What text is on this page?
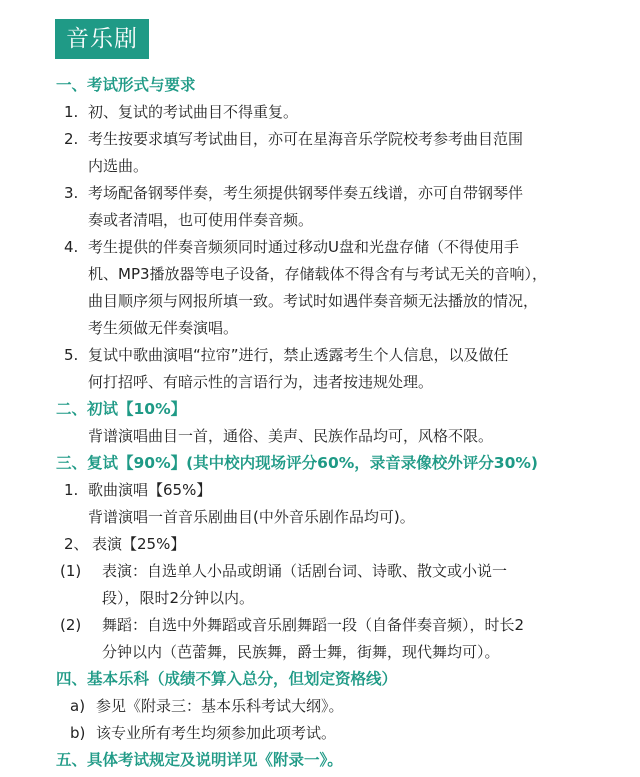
音乐剧
一、考试形式与要求
1. 初、复试的考试曲目不得重复。
2. 考生按要求填写考试曲目，亦可在星海音乐学院校考参考曲目范围
内选曲。
3. 考场配备钢琴伴奏，考生须提供钢琴伴奏五线谱，亦可自带钢琴伴
奏或者清唱，也可使用伴奏音频。
4. 考生提供的伴奏音频须同时通过移动U盘和光盘存储（不得使用手
机、MP3播放器等电子设备，存储载体不得含有与考试无关的音响），
曲目顺序须与网报所填一致。考试时如遇伴奏音频无法播放的情况，
考生须做无伴奏演唱。
5. 复试中歌曲演唱“拉帘”进行，禁止透露考生个人信息，以及做任
何打招呼、有暗示性的言语行为，违者按违规处理。
二、初试【10%】
背谱演唱曲目一首，通俗、美声、民族作品均可，风格不限。
三、复试【90%】(其中校内现场评分60%，录音录像校外评分30%)
1. 歌曲演唱【65%】
背谱演唱一首音乐剧曲目(中外音乐剧作品均可)。
2、 表演【25%】
(1)	表演：自选单人小品或朗诵（话剧台词、诗歌、散文或小说一
段），限时2分钟以内。
(2)	舞蹈：自选中外舞蹈或音乐剧舞蹈一段（自备伴奏音频），时长2
分钟以内（芭蕾舞，民族舞，爵士舞，街舞，现代舞均可）。
四、基本乐科（成绩不算入总分，但划定资格线）
a) 参见《附录三：基本乐科考试大纲》。
b) 该专业所有考生均须参加此项考试。
五、具体考试规定及说明详见《附录一》。
